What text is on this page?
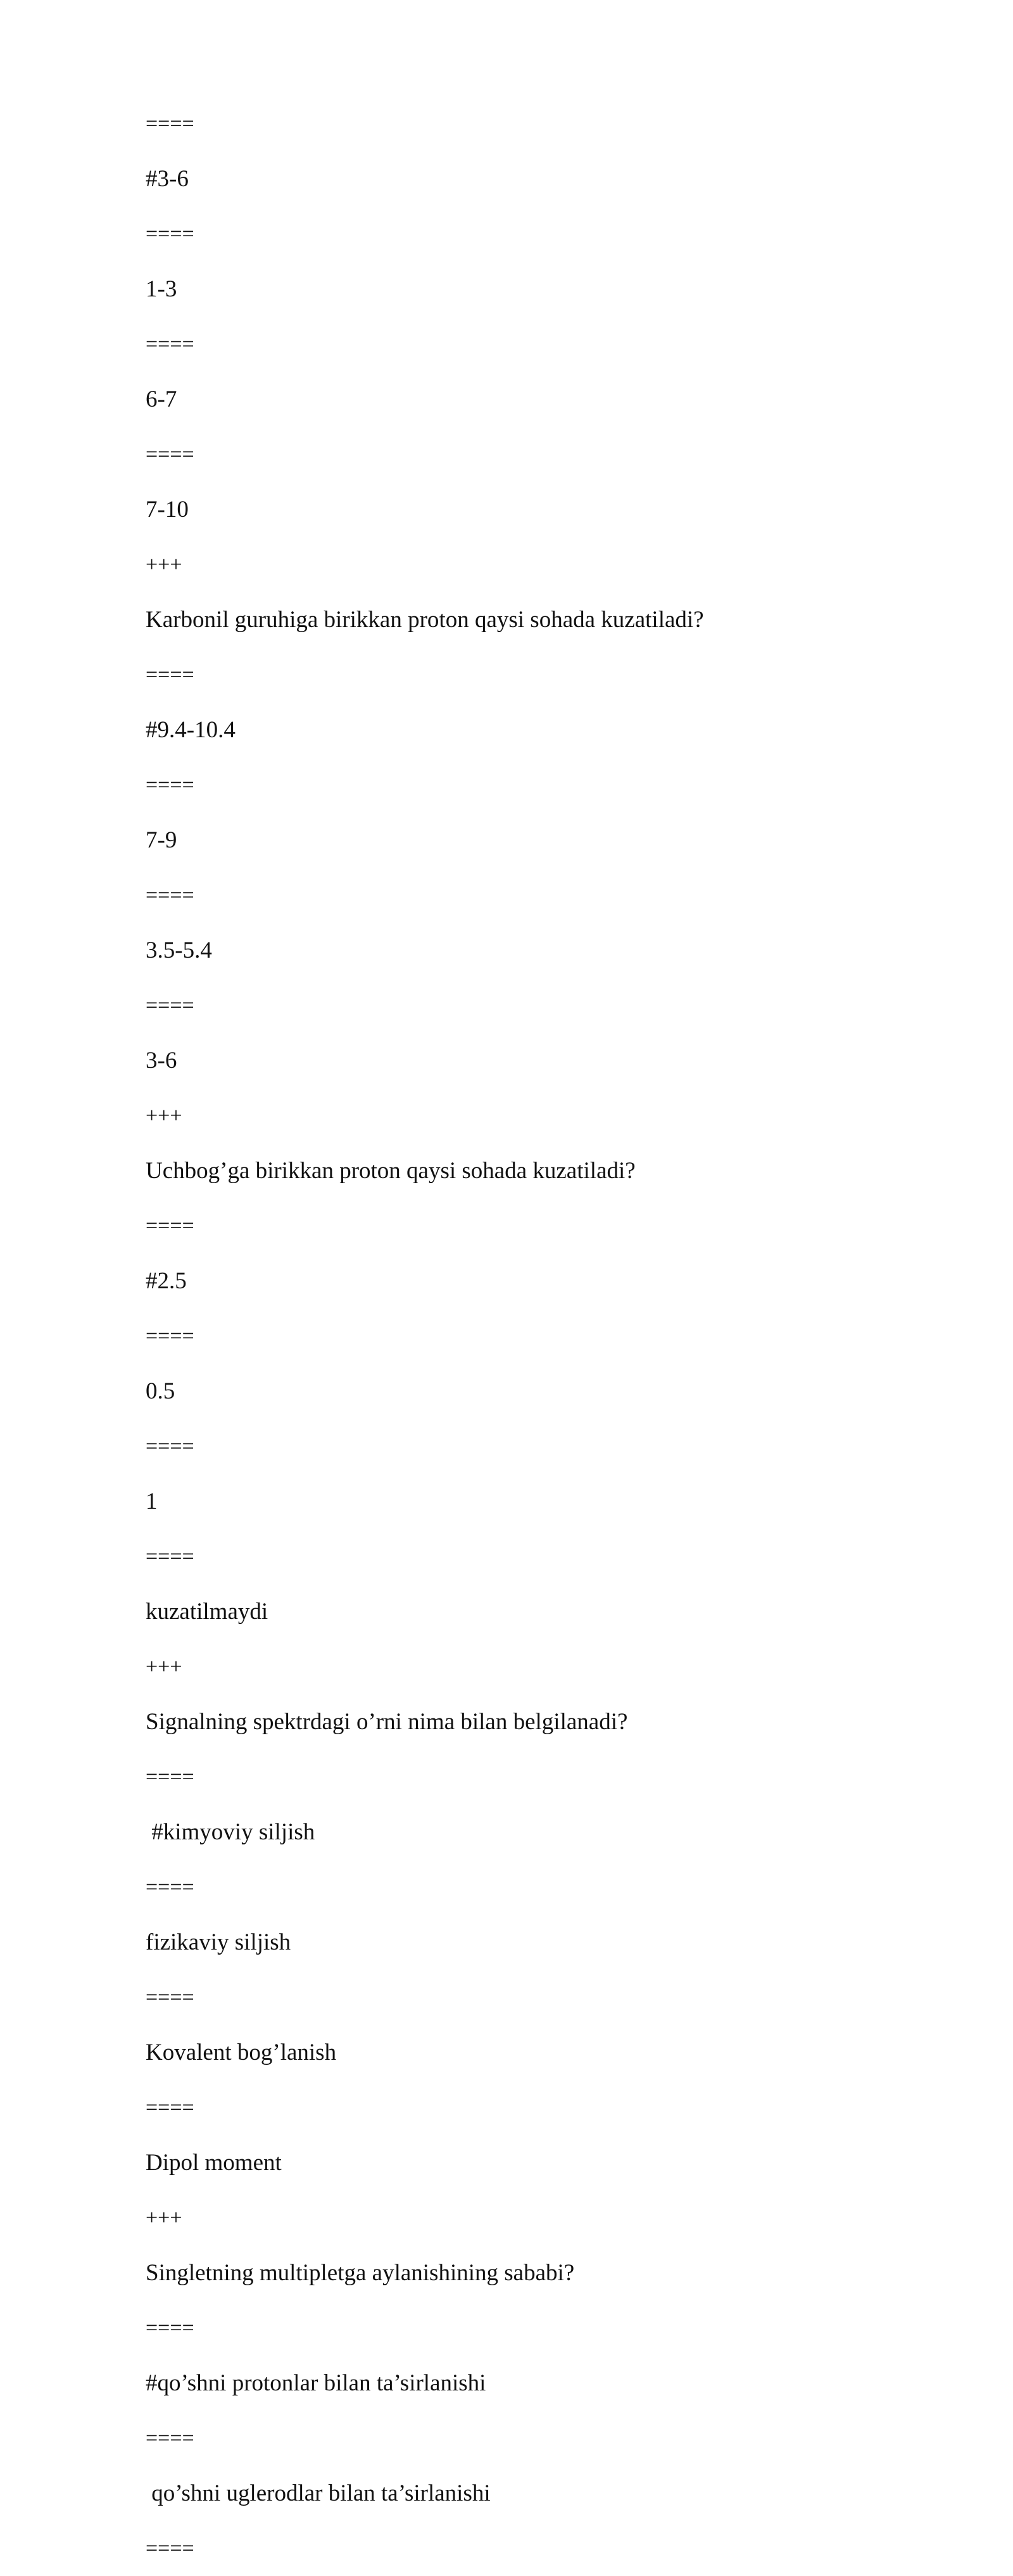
====
#3-6
====
1-3
====
6-7
====
7-10
+++
Karbonil guruhiga birikkan proton qaysi sohada kuzatiladi?
====
#9.4-10.4
====
7-9
====
3.5-5.4
====
3-6
+++
Uchbog’ga birikkan proton qaysi sohada kuzatiladi?
====
#2.5
====
0.5
====
1
====
kuzatilmaydi
+++
Signalning spektrdagi o’rni nima bilan belgilanadi?
====
#kimyoviy siljish
====
fizikaviy siljish
====
Kovalent bog’lanish
====
Dipol moment
+++
Singletning multipletga aylanishining sababi?
====
#qo’shni protonlar bilan ta’sirlanishi
====
qo’shni uglerodlar bilan ta’sirlanishi
====
